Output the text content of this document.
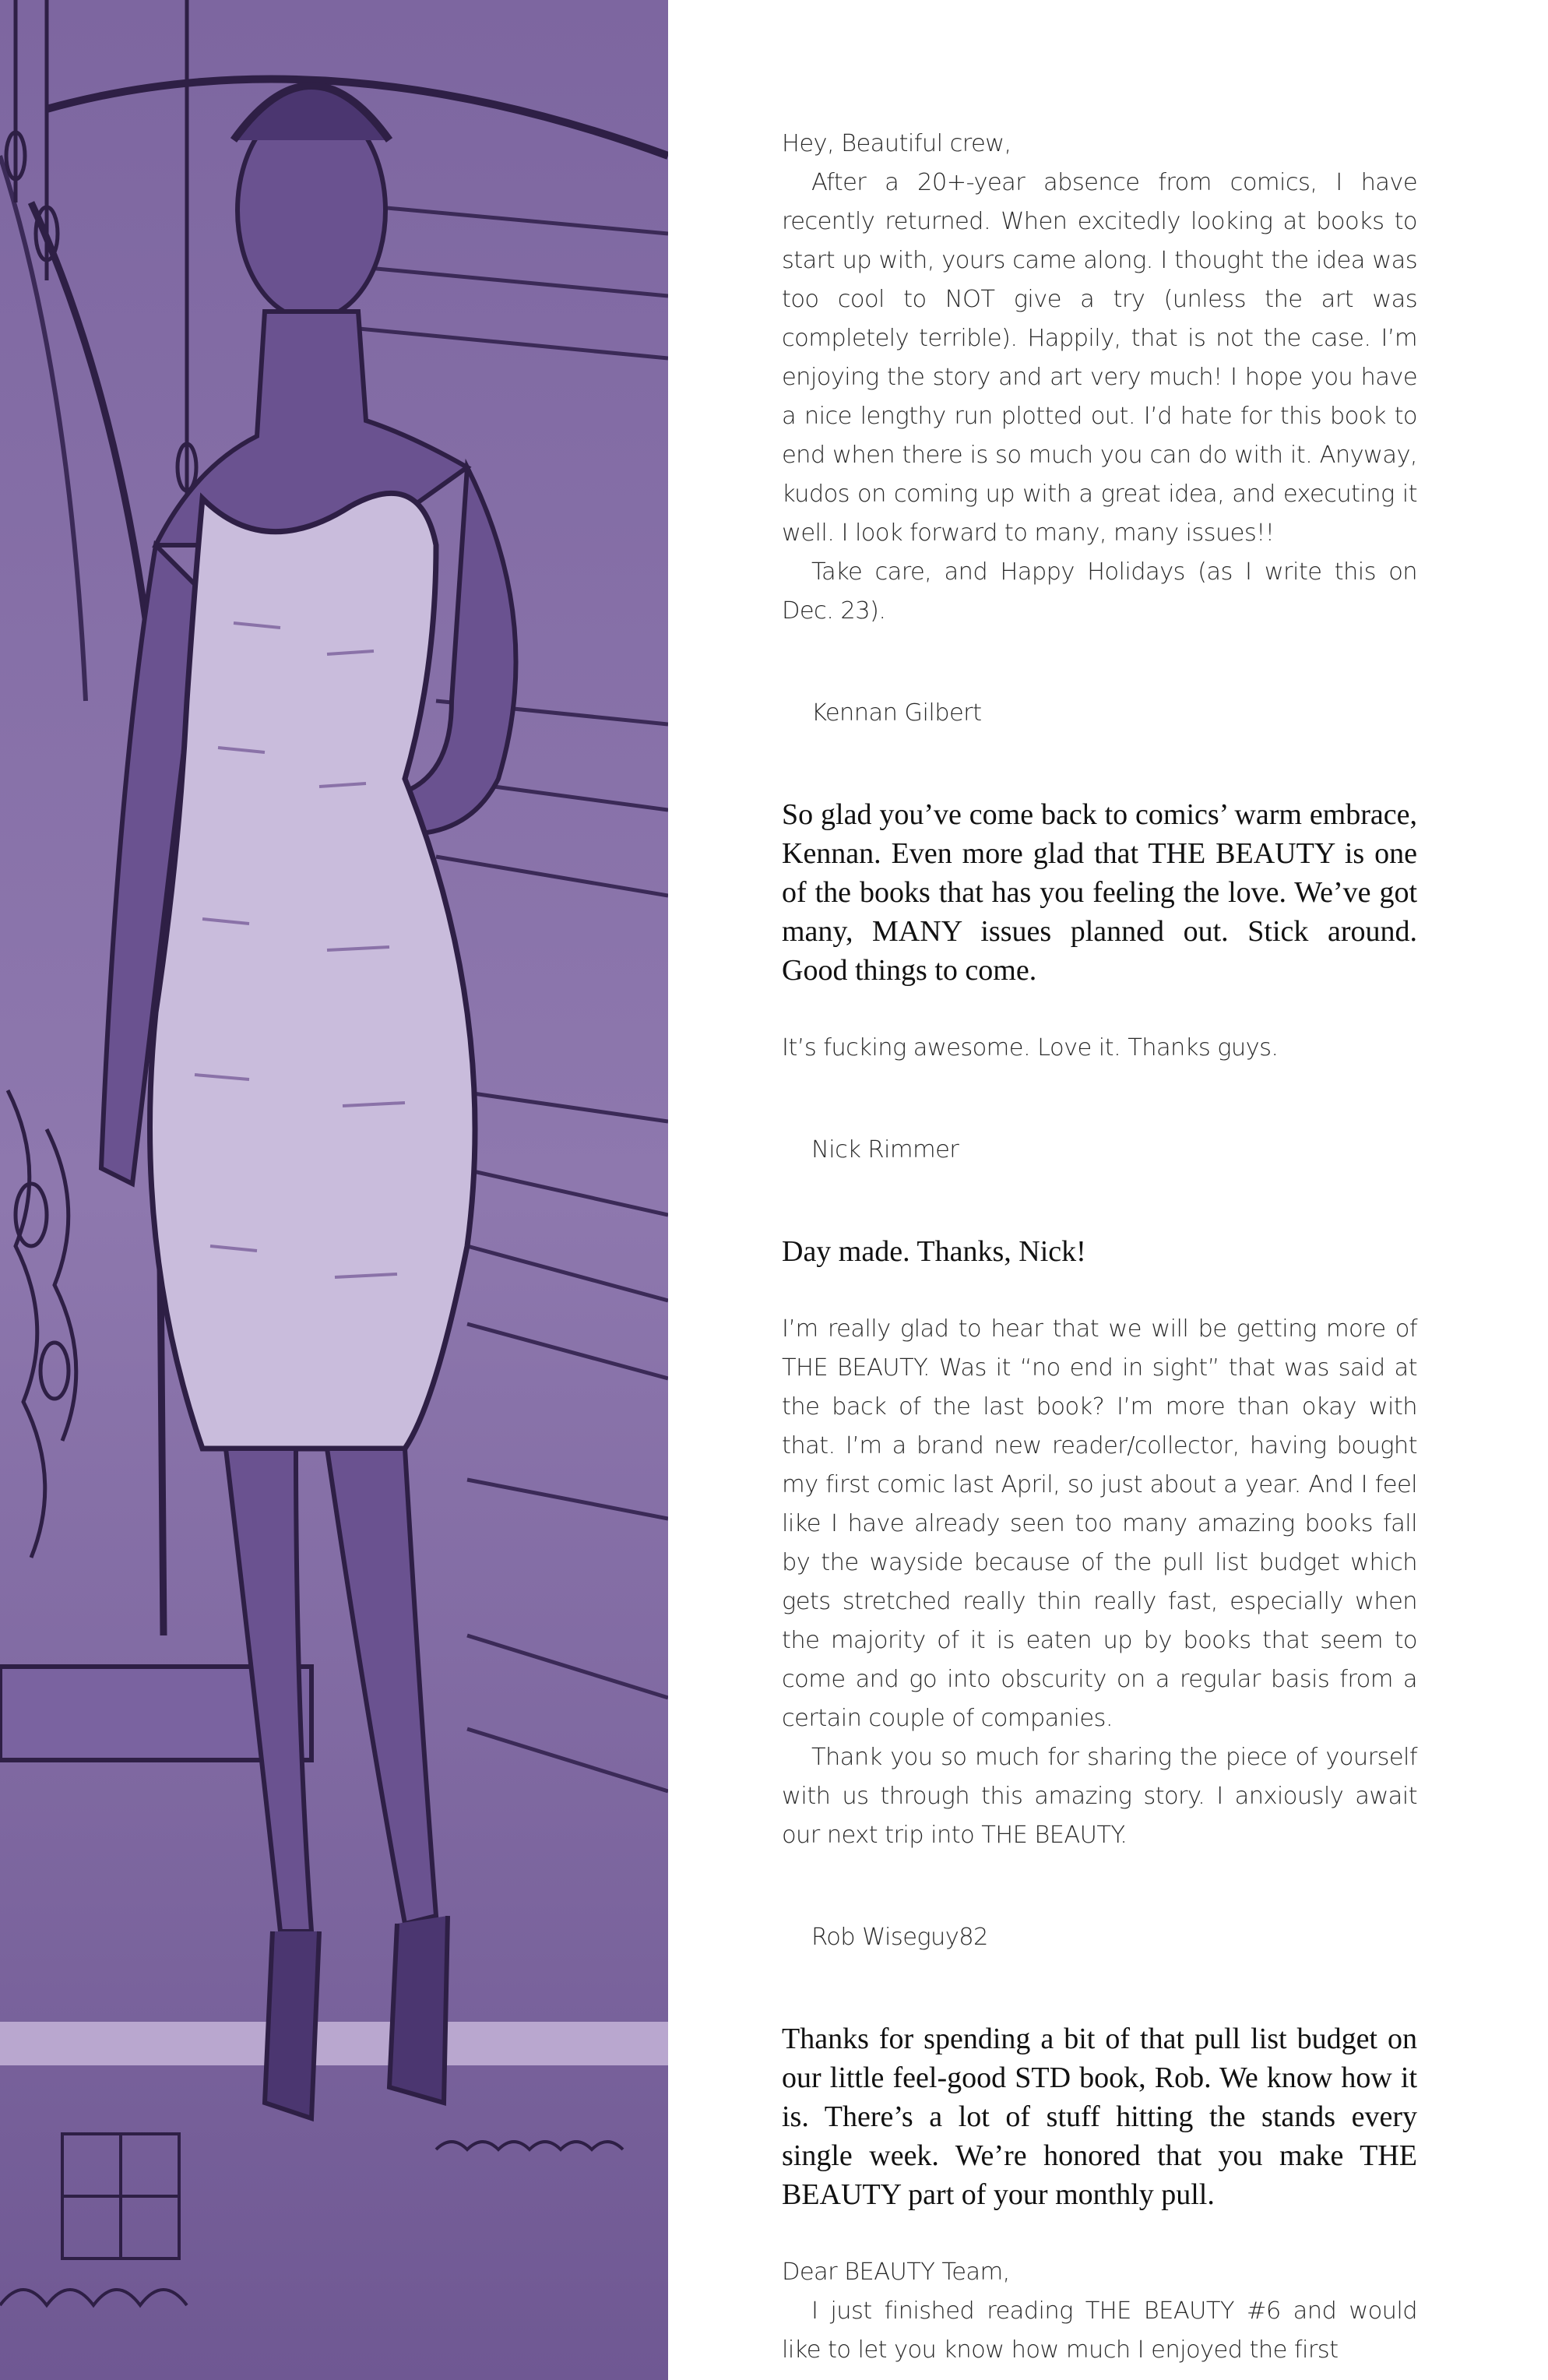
Hey, Beautiful crew,

After a 20+-year absence from comics, I have recently returned. When excitedly looking at books to start up with, yours came along. I thought the idea was too cool to NOT give a try (unless the art was completely terrible). Happily, that is not the case. I’m enjoying the story and art very much! I hope you have a nice lengthy run plotted out. I’d hate for this book to end when there is so much you can do with it. Anyway, kudos on coming up with a great idea, and executing it well. I look forward to many, many issues!!

Take care, and Happy Holidays (as I write this on Dec. 23).

Kennan Gilbert

So glad you’ve come back to comics’ warm embrace, Kennan. Even more glad that THE BEAUTY is one of the books that has you feeling the love. We’ve got many, MANY issues planned out. Stick around. Good things to come.

It’s fucking awesome. Love it. Thanks guys.

Nick Rimmer

Day made. Thanks, Nick!

I’m really glad to hear that we will be getting more of THE BEAUTY. Was it “no end in sight” that was said at the back of the last book? I’m more than okay with that. I’m a brand new reader/collector, having bought my first comic last April, so just about a year. And I feel like I have already seen too many amazing books fall by the wayside because of the pull list budget which gets stretched really thin really fast, especially when the majority of it is eaten up by books that seem to come and go into obscurity on a regular basis from a certain couple of companies.

Thank you so much for sharing the piece of yourself with us through this amazing story. I anxiously await our next trip into THE BEAUTY.

Rob Wiseguy82

Thanks for spending a bit of that pull list budget on our little feel-good STD book, Rob. We know how it is. There’s a lot of stuff hitting the stands every single week. We’re honored that you make THE BEAUTY part of your monthly pull.

Dear BEAUTY Team,

I just finished reading THE BEAUTY #6 and would like to let you know how much I enjoyed the first
